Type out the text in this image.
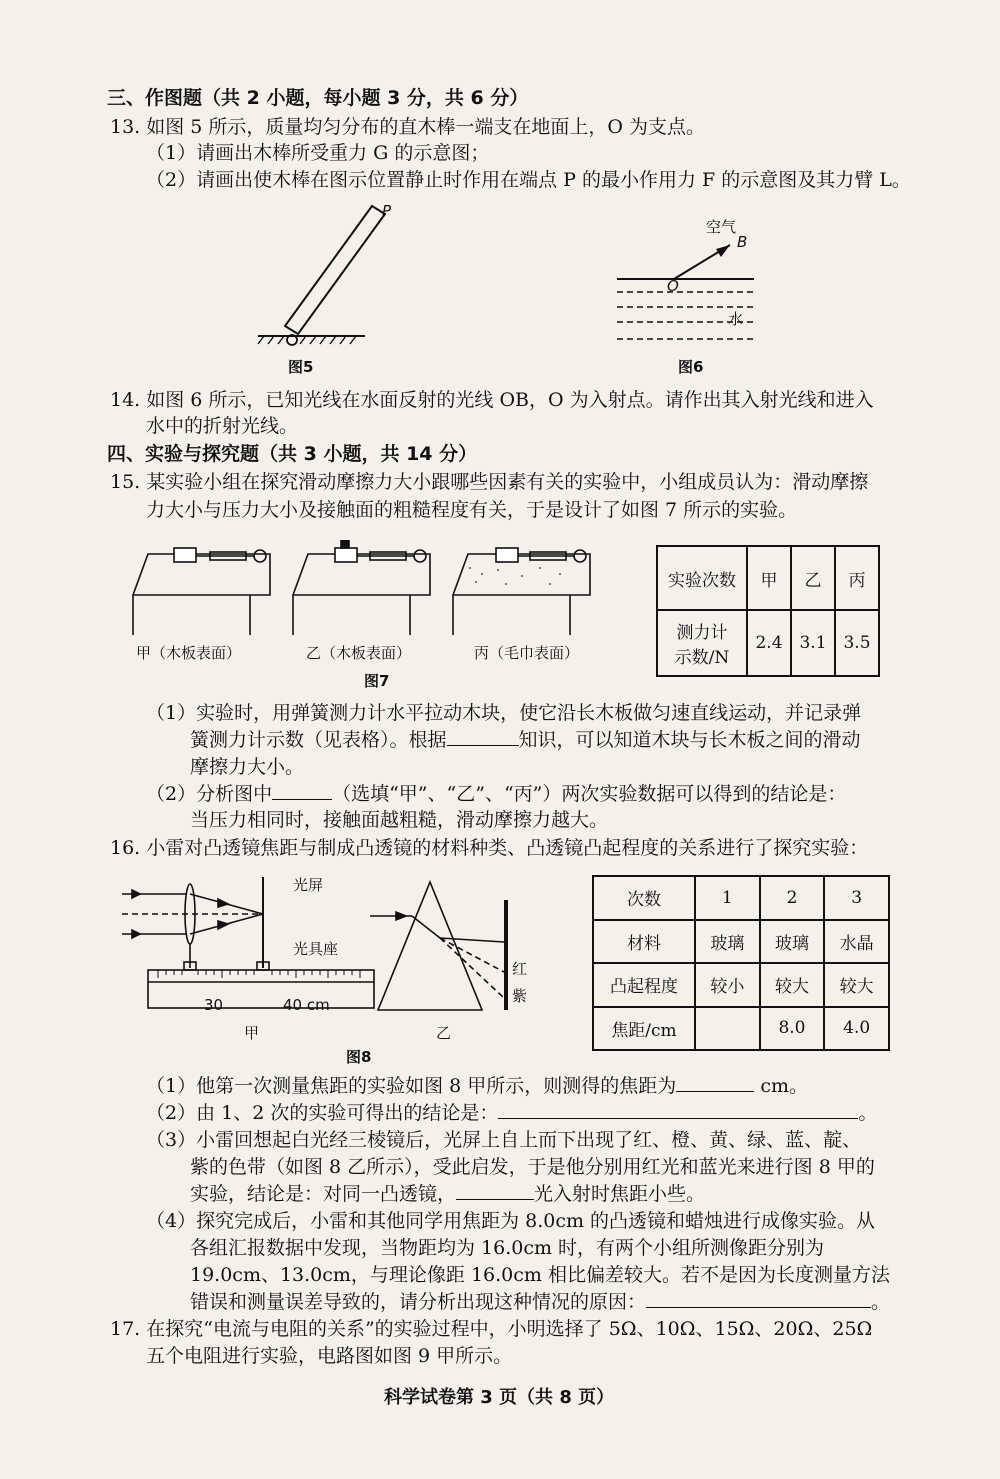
三、作图题（共 2 小题，每小题 3 分，共 6 分）
13. 如图 5 所示，质量均匀分布的直木棒一端支在地面上，O 为支点。
（1）请画出木棒所受重力 G 的示意图；
（2）请画出使木棒在图示位置静止时作用在端点 P 的最小作用力 F 的示意图及其力臂 L。
P
图5
空气
B
O
水
图6
14. 如图 6 所示，已知光线在水面反射的光线 OB，O 为入射点。请作出其入射光线和进入
水中的折射光线。
四、实验与探究题（共 3 小题，共 14 分）
15. 某实验小组在探究滑动摩擦力大小跟哪些因素有关的实验中，小组成员认为：滑动摩擦
力大小与压力大小及接触面的粗糙程度有关，于是设计了如图 7 所示的实验。
甲（木板表面）	乙（木板表面）	丙（毛巾表面）
图7
实验次数	甲	乙	丙
测力计
示数/N	2.4	3.1	3.5
（1）实验时，用弹簧测力计水平拉动木块，使它沿长木板做匀速直线运动，并记录弹
簧测力计示数（见表格）。根据	知识，可以知道木块与长木板之间的滑动
摩擦力大小。
（2）分析图中	（选填“甲”、“乙”、“丙”）两次实验数据可以得到的结论是：
当压力相同时，接触面越粗糙，滑动摩擦力越大。
16. 小雷对凸透镜焦距与制成凸透镜的材料种类、凸透镜凸起程度的关系进行了探究实验：
光屏
光具座
30	40 cm
甲
红
紫
乙
图8
次数	1	2	3
材料	玻璃	玻璃	水晶
凸起程度	较小	较大	较大
焦距/cm		8.0	4.0
（1）他第一次测量焦距的实验如图 8 甲所示，则测得的焦距为	cm。
（2）由 1、2 次的实验可得出的结论是：	。
（3）小雷回想起白光经三棱镜后，光屏上自上而下出现了红、橙、黄、绿、蓝、靛、
紫的色带（如图 8 乙所示），受此启发，于是他分别用红光和蓝光来进行图 8 甲的
实验，结论是：对同一凸透镜，	光入射时焦距小些。
（4）探究完成后，小雷和其他同学用焦距为 8.0cm 的凸透镜和蜡烛进行成像实验。从
各组汇报数据中发现，当物距均为 16.0cm 时，有两个小组所测像距分别为
19.0cm、13.0cm，与理论像距 16.0cm 相比偏差较大。若不是因为长度测量方法
错误和测量误差导致的，请分析出现这种情况的原因：	。
17. 在探究“电流与电阻的关系”的实验过程中，小明选择了 5Ω、10Ω、15Ω、20Ω、25Ω
五个电阻进行实验，电路图如图 9 甲所示。
科学试卷第 3 页（共 8 页）
